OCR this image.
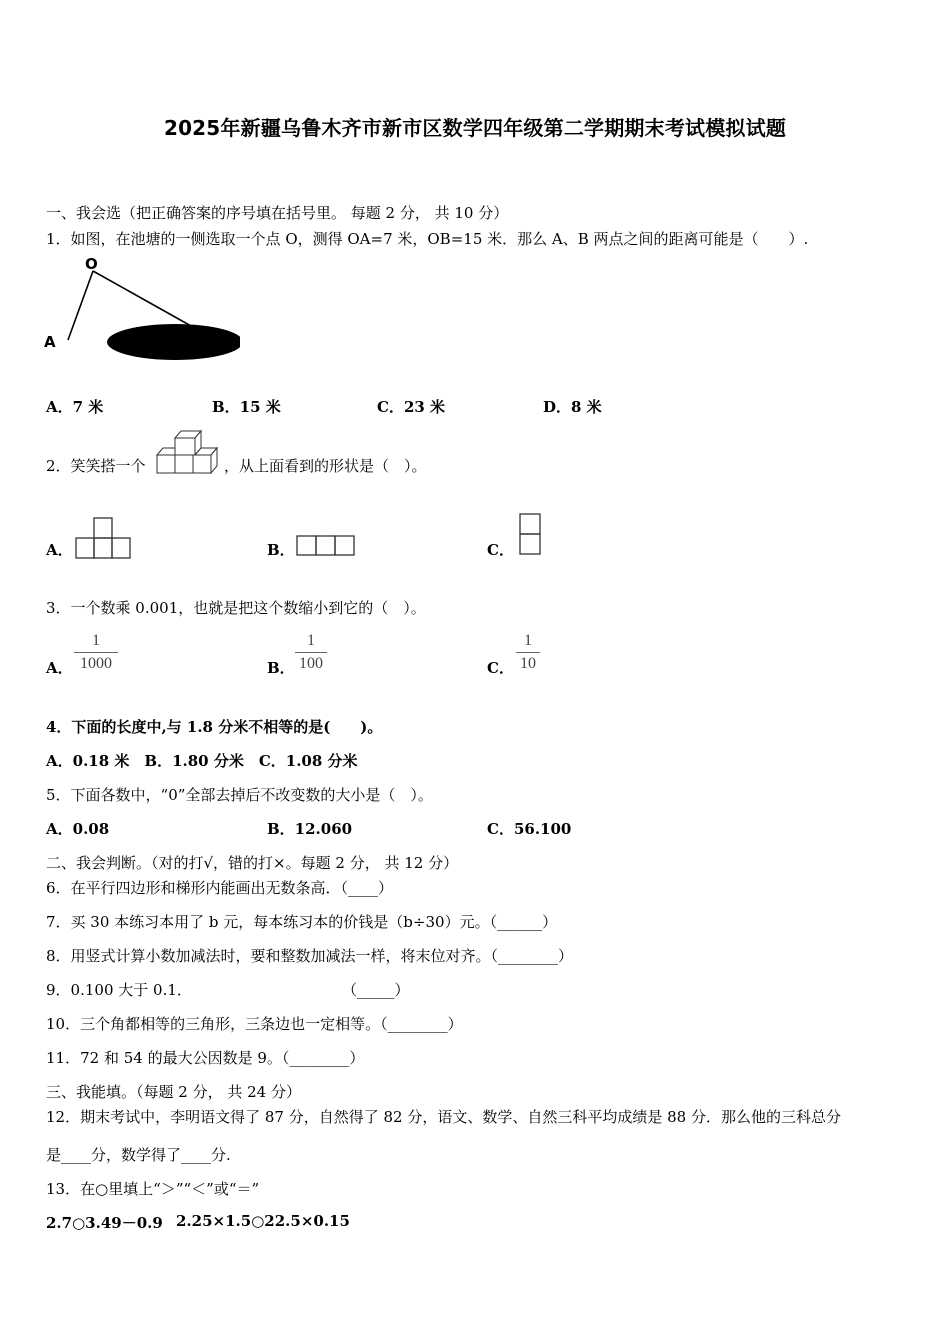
2025年新疆乌鲁木齐市新市区数学四年级第二学期期末考试模拟试题
一、我会选（把正确答案的序号填在括号里。 每题 2 分， 共 10 分）
1．如图，在池塘的一侧选取一个点 O，测得 OA=7 米，OB=15 米．那么 A、B 两点之间的距离可能是（　　）.
O
A	B
A．7 米	B．15 米	C．23 米	D．8 米
2．笑笑搭一个	，从上面看到的形状是（　）。
A．	B．	C．
3．一个数乘 0.001，也就是把这个数缩小到它的（　）。
A．
1
1000	B．
1
100	C．
1
10
4．下面的长度中,与 1.8 分米不相等的是(　　)。
A．0.18 米　B．1.80 分米　C．1.08 分米
5．下面各数中，“0”全部去掉后不改变数的大小是（　）。
A．0.08	B．12.060	C．56.100
二、我会判断。（对的打√，错的打×。每题 2 分， 共 12 分）
6．在平行四边形和梯形内能画出无数条高．（____）
7．买 30 本练习本用了 b 元，每本练习本的价钱是（b÷30）元。（______）
8．用竖式计算小数加减法时，要和整数加减法一样，将末位对齐。（________）
9．0.100 大于 0.1．	（_____）
10．三个角都相等的三角形，三条边也一定相等。（________）
11．72 和 54 的最大公因数是 9。（________）
三、我能填。（每题 2 分， 共 24 分）
12．期末考试中，李明语文得了 87 分，自然得了 82 分，语文、数学、自然三科平均成绩是 88 分．那么他的三科总分
是____分，数学得了____分.
13．在○里填上“＞”“＜”或“＝”
2.7○3.49－0.9 2.25×1.5○22.5×0.15
